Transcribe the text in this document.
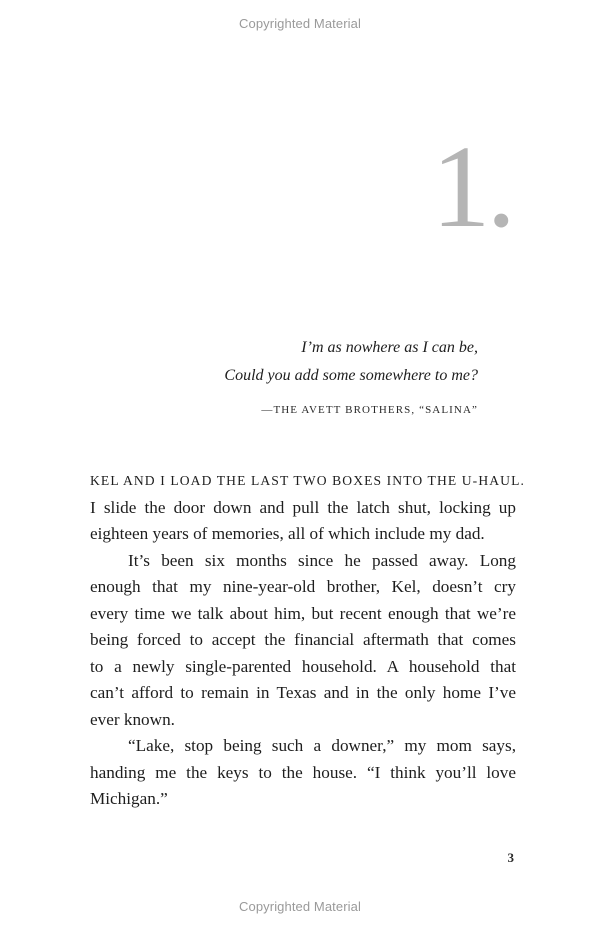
Copyrighted Material
1.
I’m as nowhere as I can be,
Could you add some somewhere to me?
—THE AVETT BROTHERS, “SALINA”
KEL AND I LOAD THE LAST TWO BOXES INTO THE U-HAUL.
I slide the door down and pull the latch shut, locking up
eighteen years of memories, all of which include my dad.
It’s been six months since he passed away. Long
enough that my nine-year-old brother, Kel, doesn’t cry
every time we talk about him, but recent enough that we’re
being forced to accept the financial aftermath that comes
to a newly single-parented household. A household that
can’t afford to remain in Texas and in the only home I’ve
ever known.
“Lake, stop being such a downer,” my mom says,
handing me the keys to the house. “I think you’ll love
Michigan.”
3
Copyrighted Material
